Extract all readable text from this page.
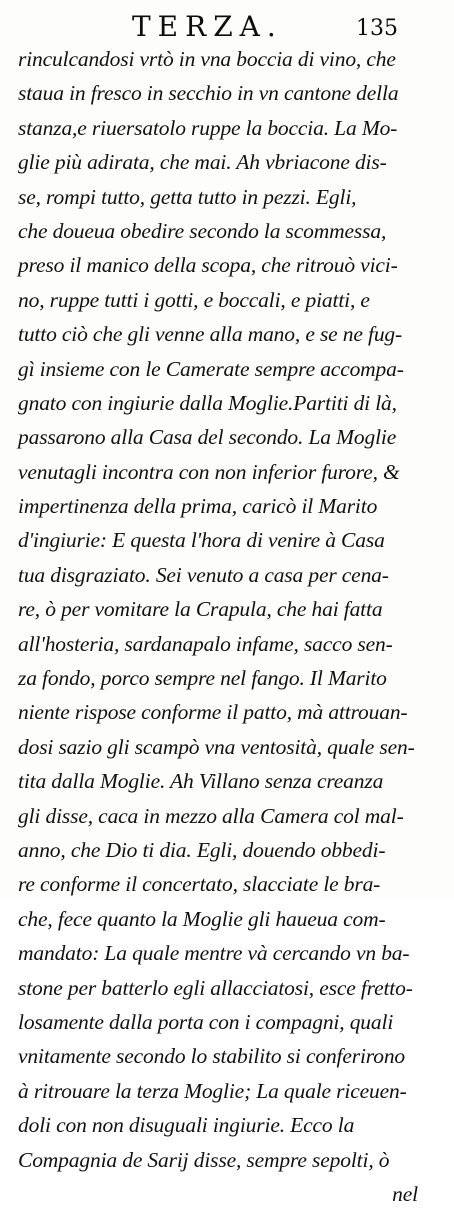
TERZA.	135
rinculcandosi vrtò in vna boccia di vino, che
staua in fresco in secchio in vn cantone della
stanza,e riuersatolo ruppe la boccia. La Mo-
glie più adirata, che mai. Ah vbriacone dis-
se, rompi tutto, getta tutto in pezzi. Egli,
che doueua obedire secondo la scommessa,
preso il manico della scopa, che ritrouò vici-
no, ruppe tutti i gotti, e boccali, e piatti, e
tutto ciò che gli venne alla mano, e se ne fug-
gì insieme con le Camerate sempre accompa-
gnato con ingiurie dalla Moglie.Partiti di là,
passarono alla Casa del secondo. La Moglie
venutagli incontra con non inferior furore, &
impertinenza della prima, caricò il Marito
d'ingiurie: E questa l'hora di venire à Casa
tua disgraziato. Sei venuto a casa per cena-
re, ò per vomitare la Crapula, che hai fatta
all'hosteria, sardanapalo infame, sacco sen-
za fondo, porco sempre nel fango. Il Marito
niente rispose conforme il patto, mà attrouan-
dosi sazio gli scampò vna ventosità, quale sen-
tita dalla Moglie. Ah Villano senza creanza
gli disse, caca in mezzo alla Camera col mal-
anno, che Dio ti dia. Egli, douendo obbedi-
re conforme il concertato, slacciate le bra-
che, fece quanto la Moglie gli haueua com-
mandato: La quale mentre và cercando vn ba-
stone per batterlo egli allacciatosi, esce fretto-
losamente dalla porta con i compagni, quali
vnitamente secondo lo stabilito si conferirono
à ritrouare la terza Moglie; La quale riceuen-
doli con non disuguali ingiurie. Ecco la
Compagnia de Sarij disse, sempre sepolti, ò
nel
